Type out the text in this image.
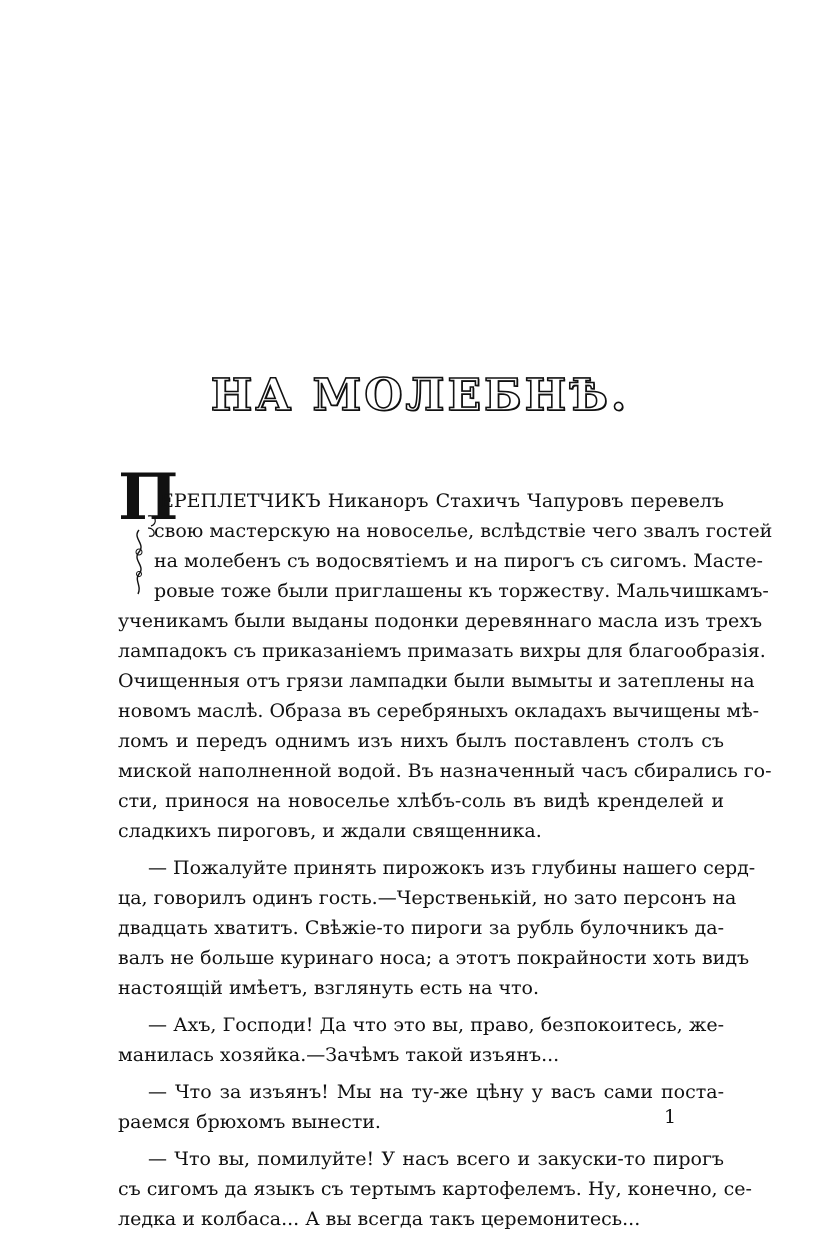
НА МОЛЕБНѢ.
П
ЕРЕПЛЕТЧИКЪ Никаноръ Стахичъ Чапуровъ перевелъ
свою мастерскую на новоселье, вслѣдствіе чего звалъ гостей
на молебенъ съ водосвятіемъ и на пирогъ съ сигомъ. Масте-
ровые тоже были приглашены къ торжеству. Мальчишкамъ-
ученикамъ были выданы подонки деревяннаго масла изъ трехъ
лампадокъ съ приказаніемъ примазать вихры для благообразія.
Очищенныя отъ грязи лампадки были вымыты и затеплены на
новомъ маслѣ. Образа въ серебряныхъ окладахъ вычищены мѣ-
ломъ и передъ однимъ изъ нихъ былъ поставленъ столъ съ
миской наполненной водой. Въ назначенный часъ сбирались го-
сти, принося на новоселье хлѣбъ-соль въ видѣ кренделей и
сладкихъ пироговъ, и ждали священника.
— Пожалуйте принять пирожокъ изъ глубины нашего серд-
ца, говорилъ одинъ гость.—Черственькій, но зато персонъ на
двадцать хватитъ. Свѣжіе-то пироги за рубль булочникъ да-
валъ не больше куринаго носа; а этотъ покрайности хоть видъ
настоящій имѣетъ, взглянуть есть на что.
— Ахъ, Господи! Да что это вы, право, безпокоитесь, же-
манилась хозяйка.—Зачѣмъ такой изъянъ...
— Что за изъянъ! Мы на ту-же цѣну у васъ сами поста-
раемся брюхомъ вынести.
— Что вы, помилуйте! У насъ всего и закуски-то пирогъ
съ сигомъ да языкъ съ тертымъ картофелемъ. Ну, конечно, се-
ледка и колбаса... А вы всегда такъ церемонитесь...
1
